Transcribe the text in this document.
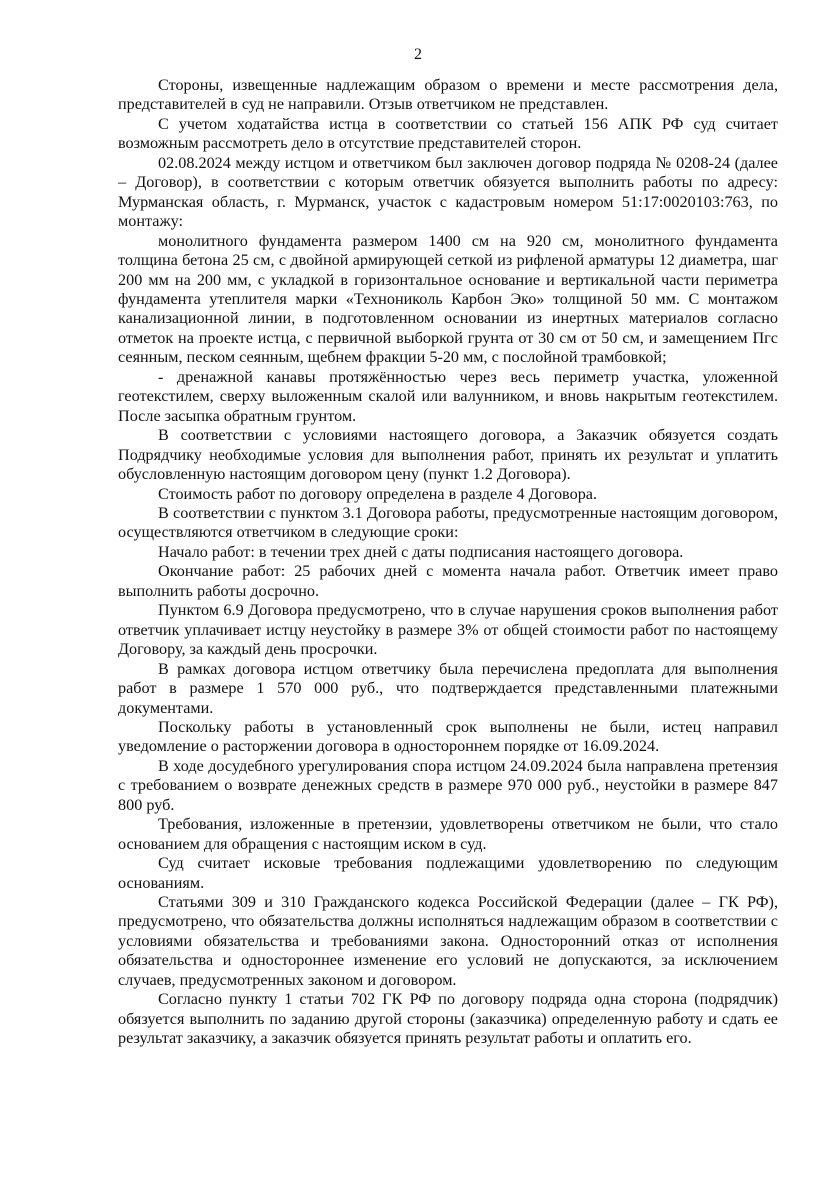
2

Стороны, извещенные надлежащим образом о времени и месте рассмотрения дела, представителей в суд не направили. Отзыв ответчиком не представлен.

С учетом ходатайства истца в соответствии со статьей 156 АПК РФ суд считает возможным рассмотреть дело в отсутствие представителей сторон.

02.08.2024 между истцом и ответчиком был заключен договор подряда № 0208-24 (далее – Договор), в соответствии с которым ответчик обязуется выполнить работы по адресу: Мурманская область, г. Мурманск, участок с кадастровым номером 51:17:0020103:763, по монтажу:

монолитного фундамента размером 1400 см на 920 см, монолитного фундамента толщина бетона 25 см, с двойной армирующей сеткой из рифленой арматуры 12 диаметра, шаг 200 мм на 200 мм, с укладкой в горизонтальное основание и вертикальной части периметра фундамента утеплителя марки «Технониколь Карбон Эко» толщиной 50 мм. С монтажом канализационной линии, в подготовленном основании из инертных материалов согласно отметок на проекте истца, с первичной выборкой грунта от 30 см от 50 см, и замещением Пгс сеянным, песком сеянным, щебнем фракции 5-20 мм, с послойной трамбовкой;

- дренажной канавы протяжённостью через весь периметр участка, уложенной геотекстилем, сверху выложенным скалой или валунником, и вновь накрытым геотекстилем. После засыпка обратным грунтом.

В соответствии с условиями настоящего договора, а Заказчик обязуется создать Подрядчику необходимые условия для выполнения работ, принять их результат и уплатить обусловленную настоящим договором цену (пункт 1.2 Договора).

Стоимость работ по договору определена в разделе 4 Договора.

В соответствии с пунктом 3.1 Договора работы, предусмотренные настоящим договором, осуществляются ответчиком в следующие сроки:

Начало работ: в течении трех дней с даты подписания настоящего договора.

Окончание работ: 25 рабочих дней с момента начала работ. Ответчик имеет право выполнить работы досрочно.

Пунктом 6.9 Договора предусмотрено, что в случае нарушения сроков выполнения работ ответчик уплачивает истцу неустойку в размере 3% от общей стоимости работ по настоящему Договору, за каждый день просрочки.

В рамках договора истцом ответчику была перечислена предоплата для выполнения работ в размере 1 570 000 руб., что подтверждается представленными платежными документами.

Поскольку работы в установленный срок выполнены не были, истец направил уведомление о расторжении договора в одностороннем порядке от 16.09.2024.

В ходе досудебного урегулирования спора истцом 24.09.2024 была направлена претензия с требованием о возврате денежных средств в размере 970 000 руб., неустойки в размере 847 800 руб.

Требования, изложенные в претензии, удовлетворены ответчиком не были, что стало основанием для обращения с настоящим иском в суд.

Суд считает исковые требования подлежащими удовлетворению по следующим основаниям.

Статьями 309 и 310 Гражданского кодекса Российской Федерации (далее – ГК РФ), предусмотрено, что обязательства должны исполняться надлежащим образом в соответствии с условиями обязательства и требованиями закона. Односторонний отказ от исполнения обязательства и одностороннее изменение его условий не допускаются, за исключением случаев, предусмотренных законом и договором.

Согласно пункту 1 статьи 702 ГК РФ по договору подряда одна сторона (подрядчик) обязуется выполнить по заданию другой стороны (заказчика) определенную работу и сдать ее результат заказчику, а заказчик обязуется принять результат работы и оплатить его.
